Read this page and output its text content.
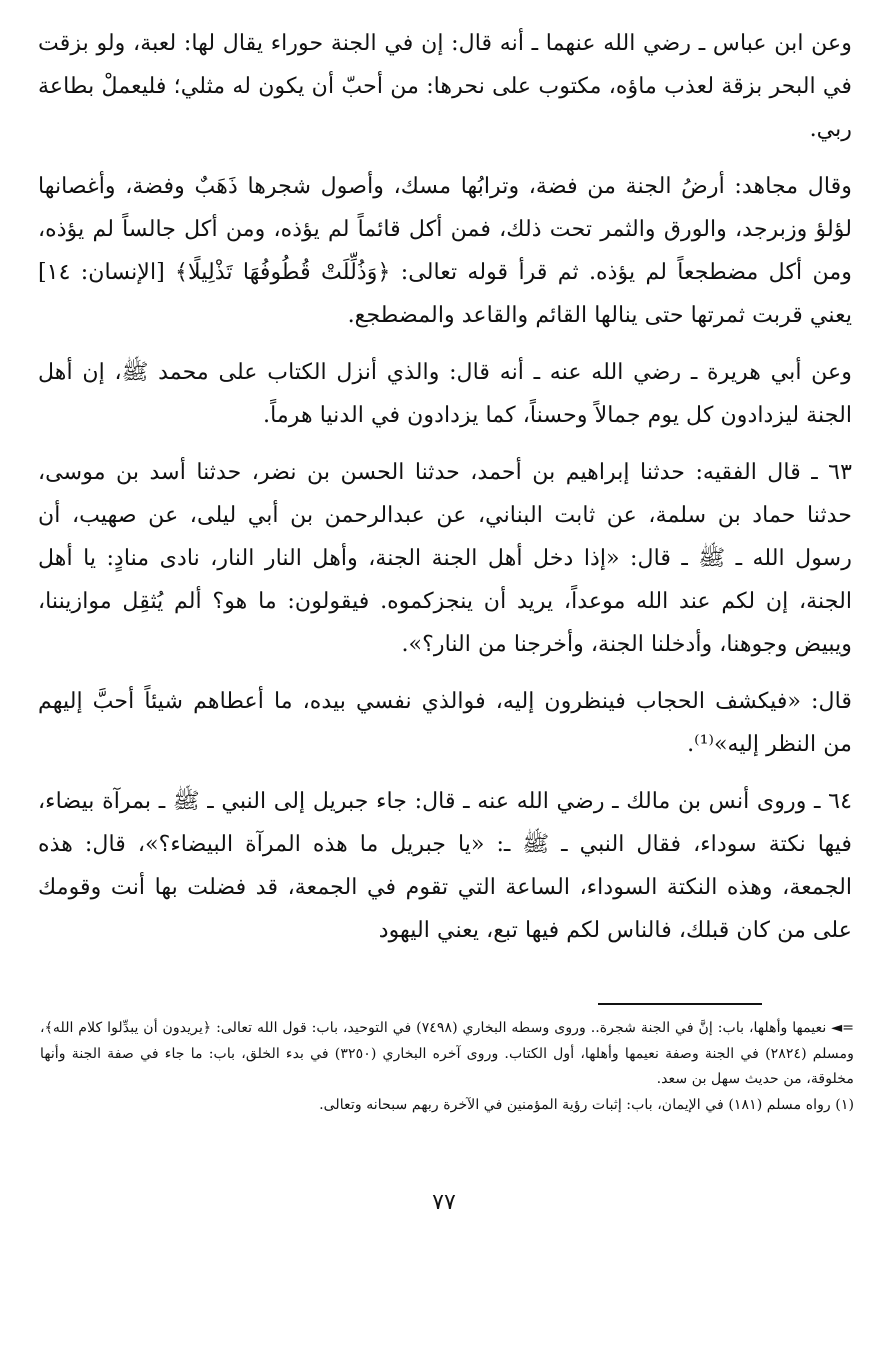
وعن ابن عباس ـ رضي الله عنهما ـ أنه قال: إن في الجنة حوراء يقال لها: لعبة، ولو بزقت في البحر بزقة لعذب ماؤه، مكتوب على نحرها: من أحبّ أن يكون له مثلي؛ فليعملْ بطاعة ربي.

وقال مجاهد: أرضُ الجنة من فضة، وترابُها مسك، وأصول شجرها ذَهَبٌ وفضة، وأغصانها لؤلؤ وزبرجد، والورق والثمر تحت ذلك، فمن أكل قائماً لم يؤذه، ومن أكل جالساً لم يؤذه، ومن أكل مضطجعاً لم يؤذه. ثم قرأ قوله تعالى: ﴿وَذُلِّلَتْ قُطُوفُهَا تَذْلِيلًا﴾ [الإنسان: ١٤] يعني قربت ثمرتها حتى ينالها القائم والقاعد والمضطجع.

وعن أبي هريرة ـ رضي الله عنه ـ أنه قال: والذي أنزل الكتاب على محمد ﷺ، إن أهل الجنة ليزدادون كل يوم جمالاً وحسناً، كما يزدادون في الدنيا هرماً.

٦٣ ـ قال الفقيه: حدثنا إبراهيم بن أحمد، حدثنا الحسن بن نضر، حدثنا أسد بن موسى، حدثنا حماد بن سلمة، عن ثابت البناني، عن عبدالرحمن بن أبي ليلى، عن صهيب، أن رسول الله ـ ﷺ ـ قال: «إذا دخل أهل الجنة الجنة، وأهل النار النار، نادى منادٍ: يا أهل الجنة، إن لكم عند الله موعداً، يريد أن ينجزكموه. فيقولون: ما هو؟ ألم يُثقِل موازيننا، ويبيض وجوهنا، وأدخلنا الجنة، وأخرجنا من النار؟».

قال: «فيكشف الحجاب فينظرون إليه، فوالذي نفسي بيده، ما أعطاهم شيئاً أحبَّ إليهم من النظر إليه»⁽¹⁾.

٦٤ ـ وروى أنس بن مالك ـ رضي الله عنه ـ قال: جاء جبريل إلى النبي ـ ﷺ ـ بمرآة بيضاء، فيها نكتة سوداء، فقال النبي ـ ﷺ ـ: «يا جبريل ما هذه المرآة البيضاء؟»، قال: هذه الجمعة، وهذه النكتة السوداء، الساعة التي تقوم في الجمعة، قد فضلت بها أنت وقومك على من كان قبلك، فالناس لكم فيها تبع، يعني اليهود

=◄ نعيمها وأهلها، باب: إنَّ في الجنة شجرة.. وروى وسطه البخاري (٧٤٩٨) في التوحيد، باب: قول الله تعالى: ﴿يريدون أن يبدِّلوا كلام الله﴾، ومسلم (٢٨٢٤) في الجنة وصفة نعيمها وأهلها، أول الكتاب. وروى آخره البخاري (٣٢٥٠) في بدء الخلق، باب: ما جاء في صفة الجنة وأنها مخلوقة، من حديث سهل بن سعد.

(١) رواه مسلم (١٨١) في الإيمان، باب: إثبات رؤية المؤمنين في الآخرة ربهم سبحانه وتعالى.

٧٧
